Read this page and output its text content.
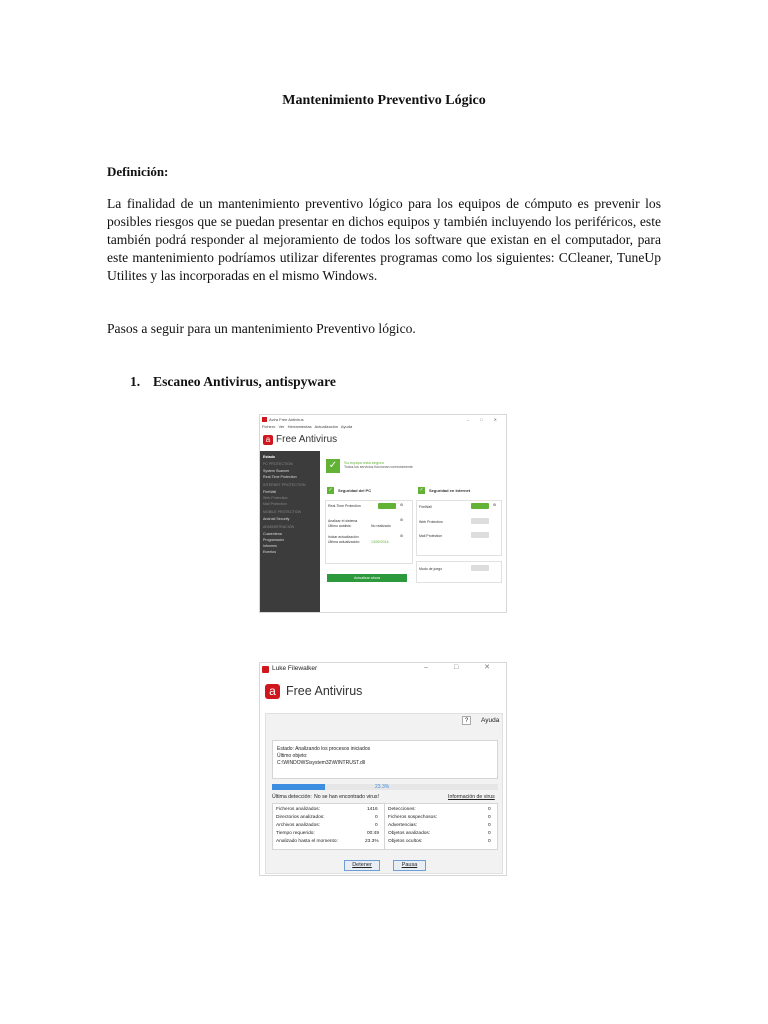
Mantenimiento Preventivo Lógico
Definición:
La finalidad de un mantenimiento preventivo lógico para los equipos de cómputo es prevenir los posibles riesgos que se puedan presentar en dichos equipos y también incluyendo los periféricos, este también podrá responder al mejoramiento de todos los software que existan en el computador, para este mantenimiento podríamos utilizar diferentes programas como los siguientes: CCleaner, TuneUp Utilites y las incorporadas en el mismo Windows.
Pasos a seguir para un mantenimiento Preventivo lógico.
1. Escaneo Antivirus, antispyware
Avira Free Antivirus	– □ ✕
Fichero Ver Herramientas Actualización Ayuda
a Free Antivirus
Estado
PC PROTECTION
System Scanner
Real-Time Protection
INTERNET PROTECTION
FireWall
Web Protection
Mail Protection
MOBILE PROTECTION
Android Security
ADMINISTRACIÓN
Cuarentena
Programador
Informes
Eventos
✓	Su equipo está seguro
Todos los servicios funcionan correctamente
✓	Seguridad del PC	✓	Seguridad en Internet
Real-Time Protection	⚙
Analizar el sistema
Último análisis:	No realizado
⚙
Iniciar actualización
Última actualización:	13/09/2016
⚙
Actualizar ahora
FireWall	⚙
Web Protection
Mail Protection
Modo de juego
Luke Filewalker	– □ ✕
a Free Antivirus
?	Ayuda
Estado: Analizando los procesos iniciados
Último objeto:
C:\WINDOWS\system32\WINTRUST.dll
23.3%
Última detección: No se han encontrado virus!	Información de virus
Ficheros analizados:	1416
Directorios analizados:	0
Archivos analizados:	0
Tiempo requerido:	00:49
Analizado hasta el momento:	23.3%
Detecciones:	0
Ficheros sospechosos:	0
Advertencias:	0
Objetos analizados:	0
Objetos ocultos:	0
Detener	Pausa
